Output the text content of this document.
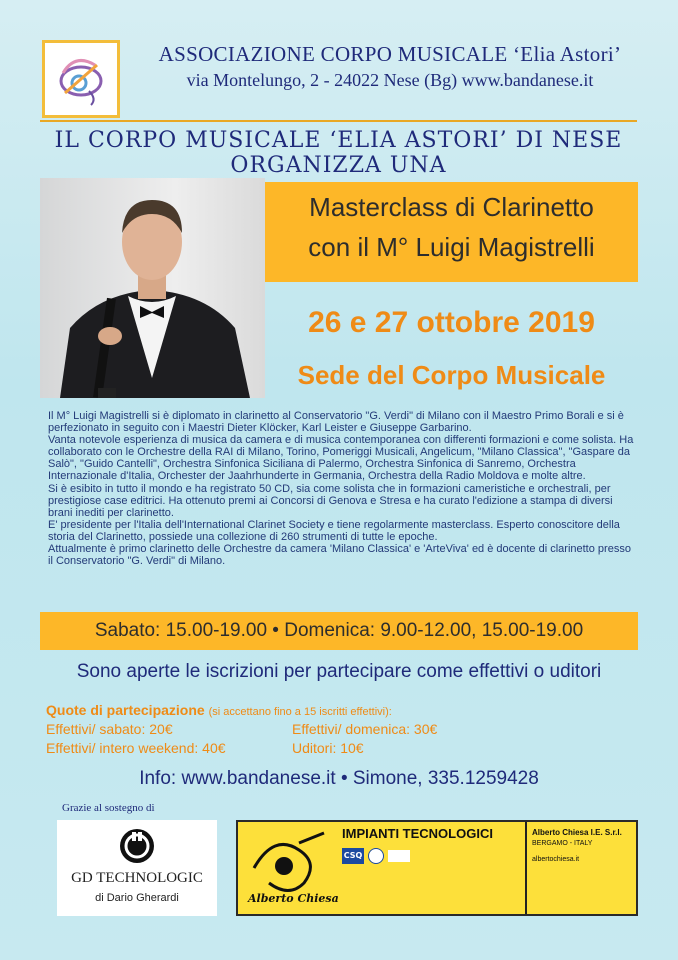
ASSOCIAZIONE CORPO MUSICALE ‘Elia Astori’
via Montelungo, 2 - 24022 Nese (Bg) www.bandanese.it
IL CORPO MUSICALE ‘ELIA ASTORI’ DI NESE ORGANIZZA UNA
Masterclass di Clarinetto
con il M° Luigi Magistrelli
26 e 27 ottobre 2019
Sede del Corpo Musicale

Il M° Luigi Magistrelli si è diplomato in clarinetto al Conservatorio "G. Verdi" di Milano con il Maestro Primo Borali e si è perfezionato in seguito con i Maestri Dieter Klöcker, Karl Leister e Giuseppe Garbarino.

Vanta notevole esperienza di musica da camera e di musica contemporanea con differenti formazioni e come solista. Ha collaborato con le Orchestre della RAI di Milano, Torino, Pomeriggi Musicali, Angelicum, "Milano Classica", "Gaspare da Salò", "Guido Cantelli", Orchestra Sinfonica Siciliana di Palermo, Orchestra Sinfonica di Sanremo, Orchestra Internazionale d'Italia, Orchester der Jaahrhunderte in Germania, Orchestra della Radio Moldova e molte altre.

Si è esibito in tutto il mondo e ha registrato 50 CD, sia come solista che in formazioni cameristiche e orchestrali, per prestigiose case editrici. Ha ottenuto premi ai Concorsi di Genova e Stresa e ha curato l'edizione a stampa di diversi brani inediti per clarinetto.

E' presidente per l'Italia dell'International Clarinet Society e tiene regolarmente masterclass. Esperto conoscitore della storia del Clarinetto, possiede una collezione di 260 strumenti di tutte le epoche.

Attualmente è primo clarinetto delle Orchestre da camera 'Milano Classica' e 'ArteViva' ed è docente di clarinetto presso il Conservatorio "G. Verdi" di Milano.

Sabato: 15.00-19.00 • Domenica: 9.00-12.00, 15.00-19.00
Sono aperte le iscrizioni per partecipare come effettivi o uditori
Quote di partecipazione (si accettano fino a 15 iscritti effettivi):
Effettivi/ sabato: 20€	Effettivi/ domenica: 30€
Effettivi/ intero weekend: 40€	Uditori: 10€
Info: www.bandanese.it • Simone, 335.1259428
Grazie al sostegno di
GD TECHNOLOGIC
di Dario Gherardi	Alberto Chiesa
IMPIANTI TECNOLOGICI
CSQ
Alberto Chiesa I.E. S.r.l.
BERGAMO - ITALY
albertochiesa.it
